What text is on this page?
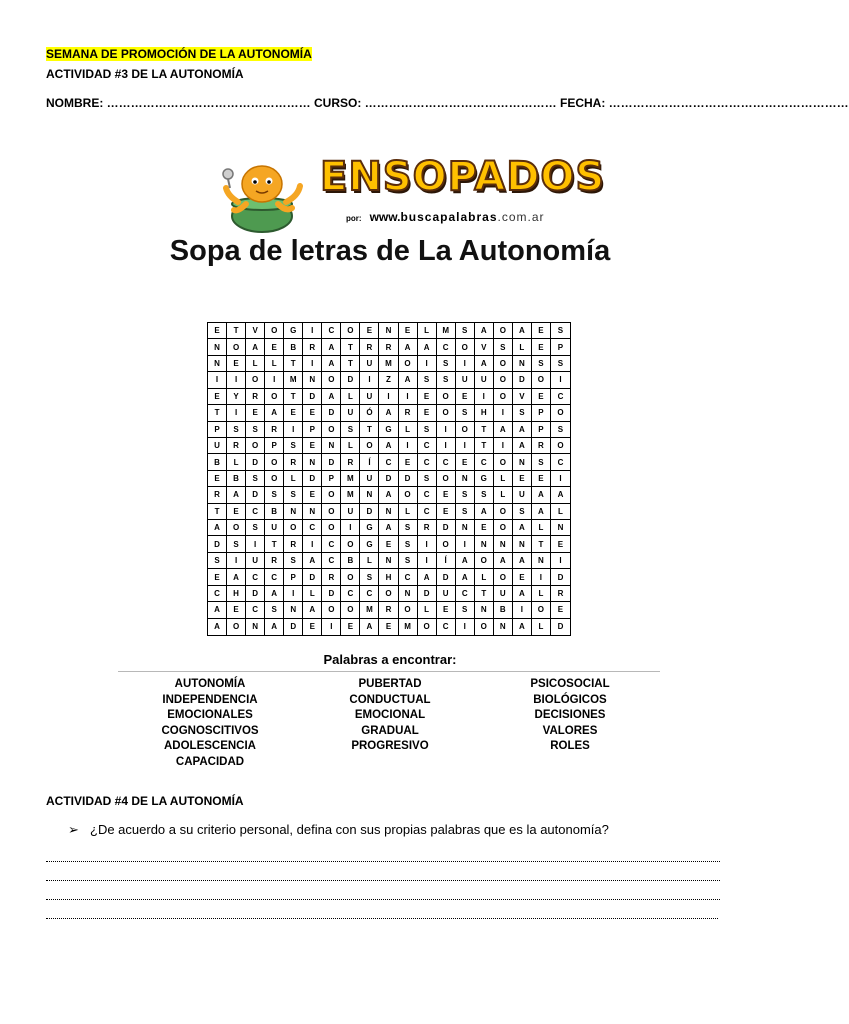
SEMANA DE PROMOCIÓN DE LA AUTONOMÍA
ACTIVIDAD #3 DE LA AUTONOMÍA
NOMBRE: …………………………………………… CURSO: ………………………………………… FECHA: ……………………………………………………
ENSOPADOS
por: www.buscapalabras.com.ar
Sopa de letras de La Autonomía
E	T	V	O	G	I	C	O	E	N	E	L	M	S	A	O	A	E	S
N	O	A	E	B	R	A	T	R	R	A	A	C	O	V	S	L	E	P
N	E	L	L	T	I	A	T	U	M	O	I	S	I	A	O	N	S	S
I	I	O	I	M	N	O	D	I	Z	A	S	S	U	U	O	D	O	I
E	Y	R	O	T	D	A	L	U	I	I	E	O	E	I	O	V	E	C
T	I	E	A	E	E	D	U	Ó	A	R	E	O	S	H	I	S	P	O
P	S	S	R	I	P	O	S	T	G	L	S	I	O	T	A	A	P	S
U	R	O	P	S	E	N	L	O	A	I	C	I	I	T	I	A	R	O
B	L	D	O	R	N	D	R	Í	C	E	C	C	E	C	O	N	S	C
E	B	S	O	L	D	P	M	U	D	D	S	O	N	G	L	E	E	I
R	A	D	S	S	E	O	M	N	A	O	C	E	S	S	L	U	A	A
T	E	C	B	N	N	O	U	D	N	L	C	E	S	A	O	S	A	L
A	O	S	U	O	C	O	I	G	A	S	R	D	N	E	O	A	L	N
D	S	I	T	R	I	C	O	G	E	S	I	O	I	N	N	N	T	E
S	I	U	R	S	A	C	B	L	N	S	I	Í	A	O	A	A	N	I
E	A	C	C	P	D	R	O	S	H	C	A	D	A	L	O	E	I	D
C	H	D	A	I	L	D	C	C	O	N	D	U	C	T	U	A	L	R
A	E	C	S	N	A	O	O	M	R	O	L	E	S	N	B	I	O	E
A	O	N	A	D	E	I	E	A	E	M	O	C	I	O	N	A	L	D
Palabras a encontrar:
AUTONOMÍA
INDEPENDENCIA
EMOCIONALES
COGNOSCITIVOS
ADOLESCENCIA
CAPACIDAD
PUBERTAD
CONDUCTUAL
EMOCIONAL
GRADUAL
PROGRESIVO
PSICOSOCIAL
BIOLÓGICOS
DECISIONES
VALORES
ROLES
ACTIVIDAD #4 DE LA AUTONOMÍA
➢ ¿De acuerdo a su criterio personal, defina con sus propias palabras que es la autonomía?
